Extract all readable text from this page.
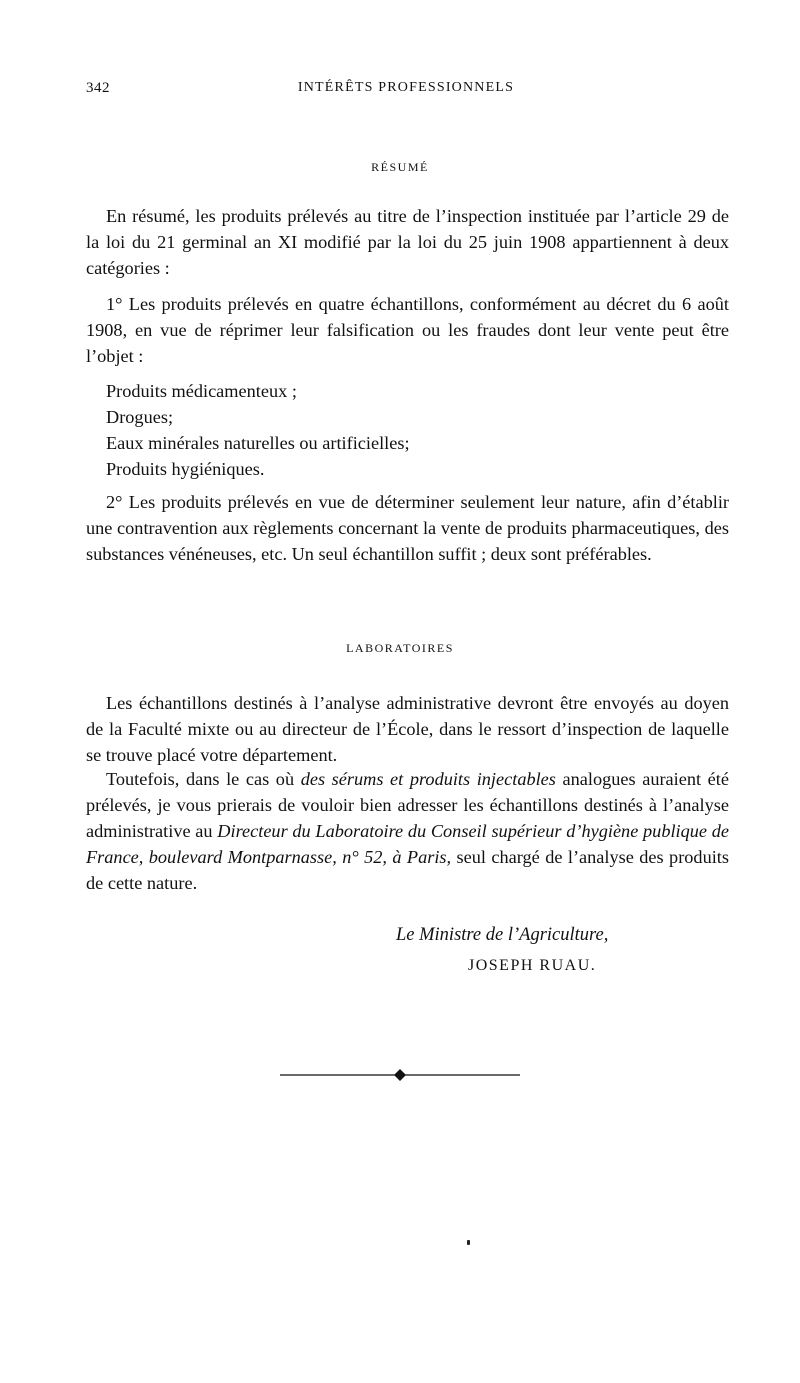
342	INTÉRÊTS PROFESSIONNELS
RÉSUMÉ

En résumé, les produits prélevés au titre de l’inspection instituée par l’article 29 de la loi du 21 germinal an XI modifié par la loi du 25 juin 1908 appartiennent à deux catégories :

1° Les produits prélevés en quatre échantillons, conformément au décret du 6 août 1908, en vue de réprimer leur falsification ou les fraudes dont leur vente peut être l’objet :

Produits médicamenteux ;
Drogues;
Eaux minérales naturelles ou artificielles;
Produits hygiéniques.

2° Les produits prélevés en vue de déterminer seulement leur nature, afin d’établir une contravention aux règlements concernant la vente de produits pharmaceutiques, des substances vénéneuses, etc. Un seul échantillon suffit ; deux sont préférables.

LABORATOIRES

Les échantillons destinés à l’analyse administrative devront être envoyés au doyen de la Faculté mixte ou au directeur de l’École, dans le ressort d’inspection de laquelle se trouve placé votre département.

Toutefois, dans le cas où des sérums et produits injectables analogues auraient été prélevés, je vous prierais de vouloir bien adresser les échantillons destinés à l’analyse administrative au Directeur du Laboratoire du Conseil supérieur d’hygiène publique de France, boulevard Montparnasse, n° 52, à Paris, seul chargé de l’analyse des produits de cette nature.

Le Ministre de l’Agriculture,
JOSEPH RUAU.
